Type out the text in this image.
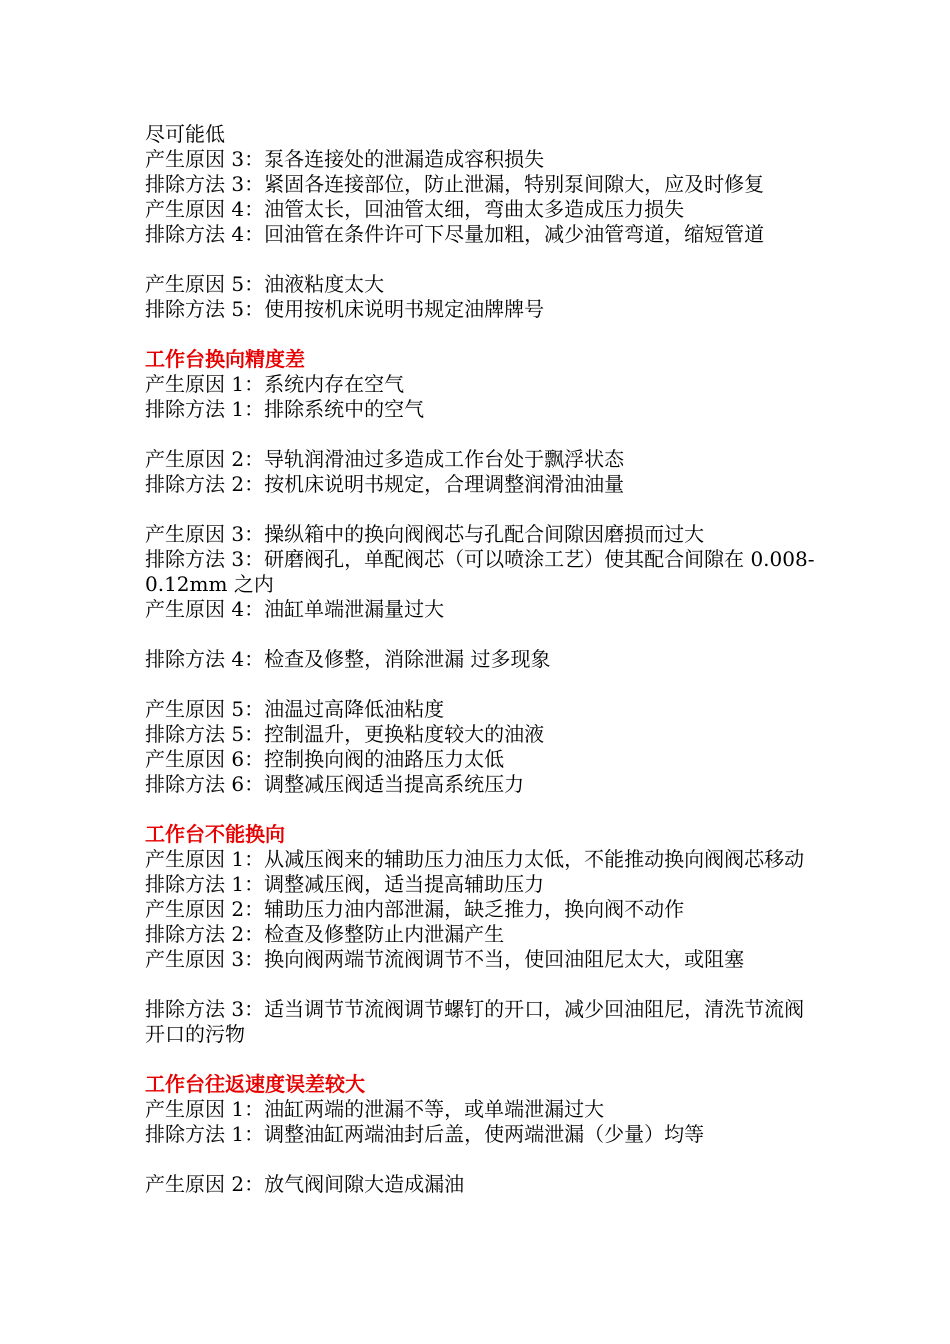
尽可能低

产生原因 3：泵各连接处的泄漏造成容积损失

排除方法 3：紧固各连接部位，防止泄漏，特别泵间隙大，应及时修复

产生原因 4：油管太长，回油管太细，弯曲太多造成压力损失

排除方法 4：回油管在条件许可下尽量加粗，减少油管弯道，缩短管道

产生原因 5：油液粘度太大

排除方法 5：使用按机床说明书规定油牌牌号

工作台换向精度差

产生原因 1：系统内存在空气

排除方法 1：排除系统中的空气

产生原因 2：导轨润滑油过多造成工作台处于飘浮状态

排除方法 2：按机床说明书规定，合理调整润滑油油量

产生原因 3：操纵箱中的换向阀阀芯与孔配合间隙因磨损而过大

排除方法 3：研磨阀孔，单配阀芯（可以喷涂工艺）使其配合间隙在 0.008-0.12mm 之内

产生原因 4：油缸单端泄漏量过大

排除方法 4：检查及修整，消除泄漏 过多现象

产生原因 5：油温过高降低油粘度

排除方法 5：控制温升，更换粘度较大的油液

产生原因 6：控制换向阀的油路压力太低

排除方法 6：调整减压阀适当提高系统压力

工作台不能换向

产生原因 1：从减压阀来的辅助压力油压力太低，不能推动换向阀阀芯移动

排除方法 1：调整减压阀，适当提高辅助压力

产生原因 2：辅助压力油内部泄漏，缺乏推力，换向阀不动作

排除方法 2：检查及修整防止内泄漏产生

产生原因 3：换向阀两端节流阀调节不当，使回油阻尼太大，或阻塞

排除方法 3：适当调节节流阀调节螺钉的开口，减少回油阻尼，清洗节流阀开口的污物

工作台往返速度误差较大

产生原因 1：油缸两端的泄漏不等，或单端泄漏过大

排除方法 1：调整油缸两端油封后盖，使两端泄漏（少量）均等

产生原因 2：放气阀间隙大造成漏油
